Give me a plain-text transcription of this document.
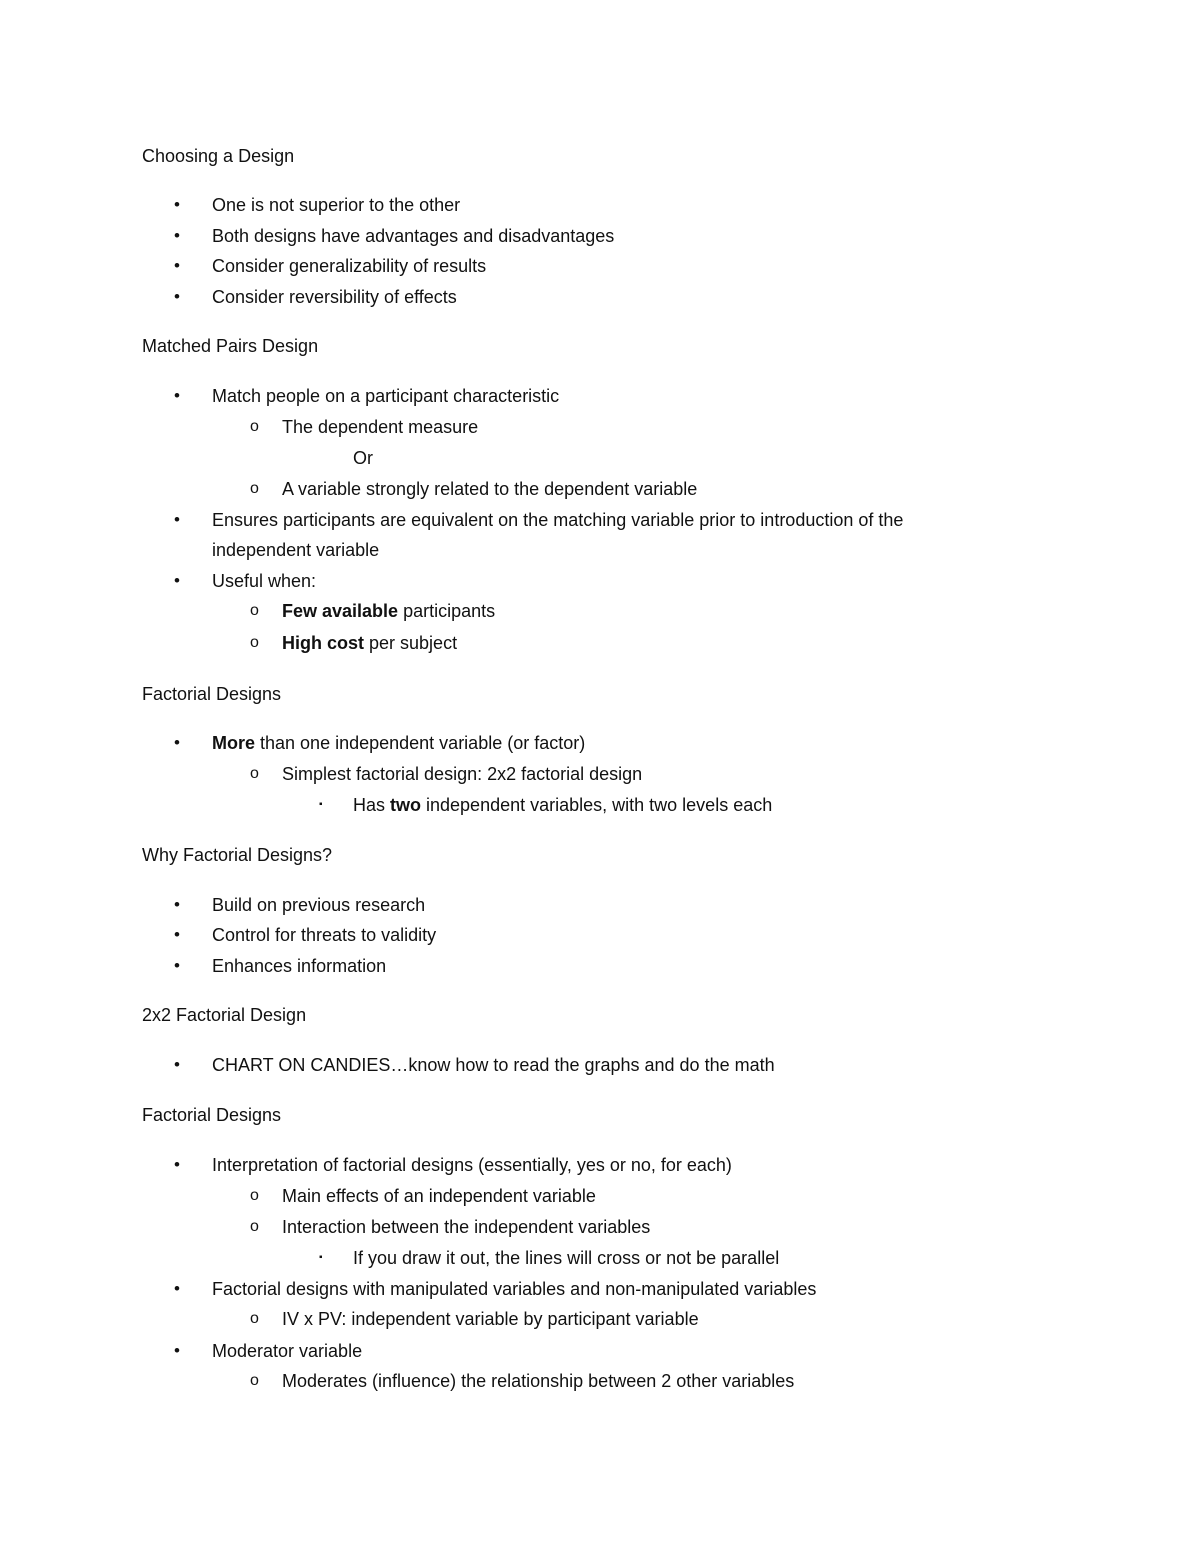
Choosing a Design
• One is not superior to the other
• Both designs have advantages and disadvantages
• Consider generalizability of results
• Consider reversibility of effects
Matched Pairs Design
• Match people on a participant characteristic
o The dependent measure
Or
o A variable strongly related to the dependent variable
• Ensures participants are equivalent on the matching variable prior to introduction of the
independent variable
• Useful when:
o Few available participants
o High cost per subject
Factorial Designs
• More than one independent variable (or factor)
o Simplest factorial design: 2x2 factorial design
▪ Has two independent variables, with two levels each
Why Factorial Designs?
• Build on previous research
• Control for threats to validity
• Enhances information
2x2 Factorial Design
• CHART ON CANDIES…know how to read the graphs and do the math
Factorial Designs
• Interpretation of factorial designs (essentially, yes or no, for each)
o Main effects of an independent variable
o Interaction between the independent variables
▪ If you draw it out, the lines will cross or not be parallel
• Factorial designs with manipulated variables and non-manipulated variables
o IV x PV: independent variable by participant variable
• Moderator variable
o Moderates (influence) the relationship between 2 other variables
